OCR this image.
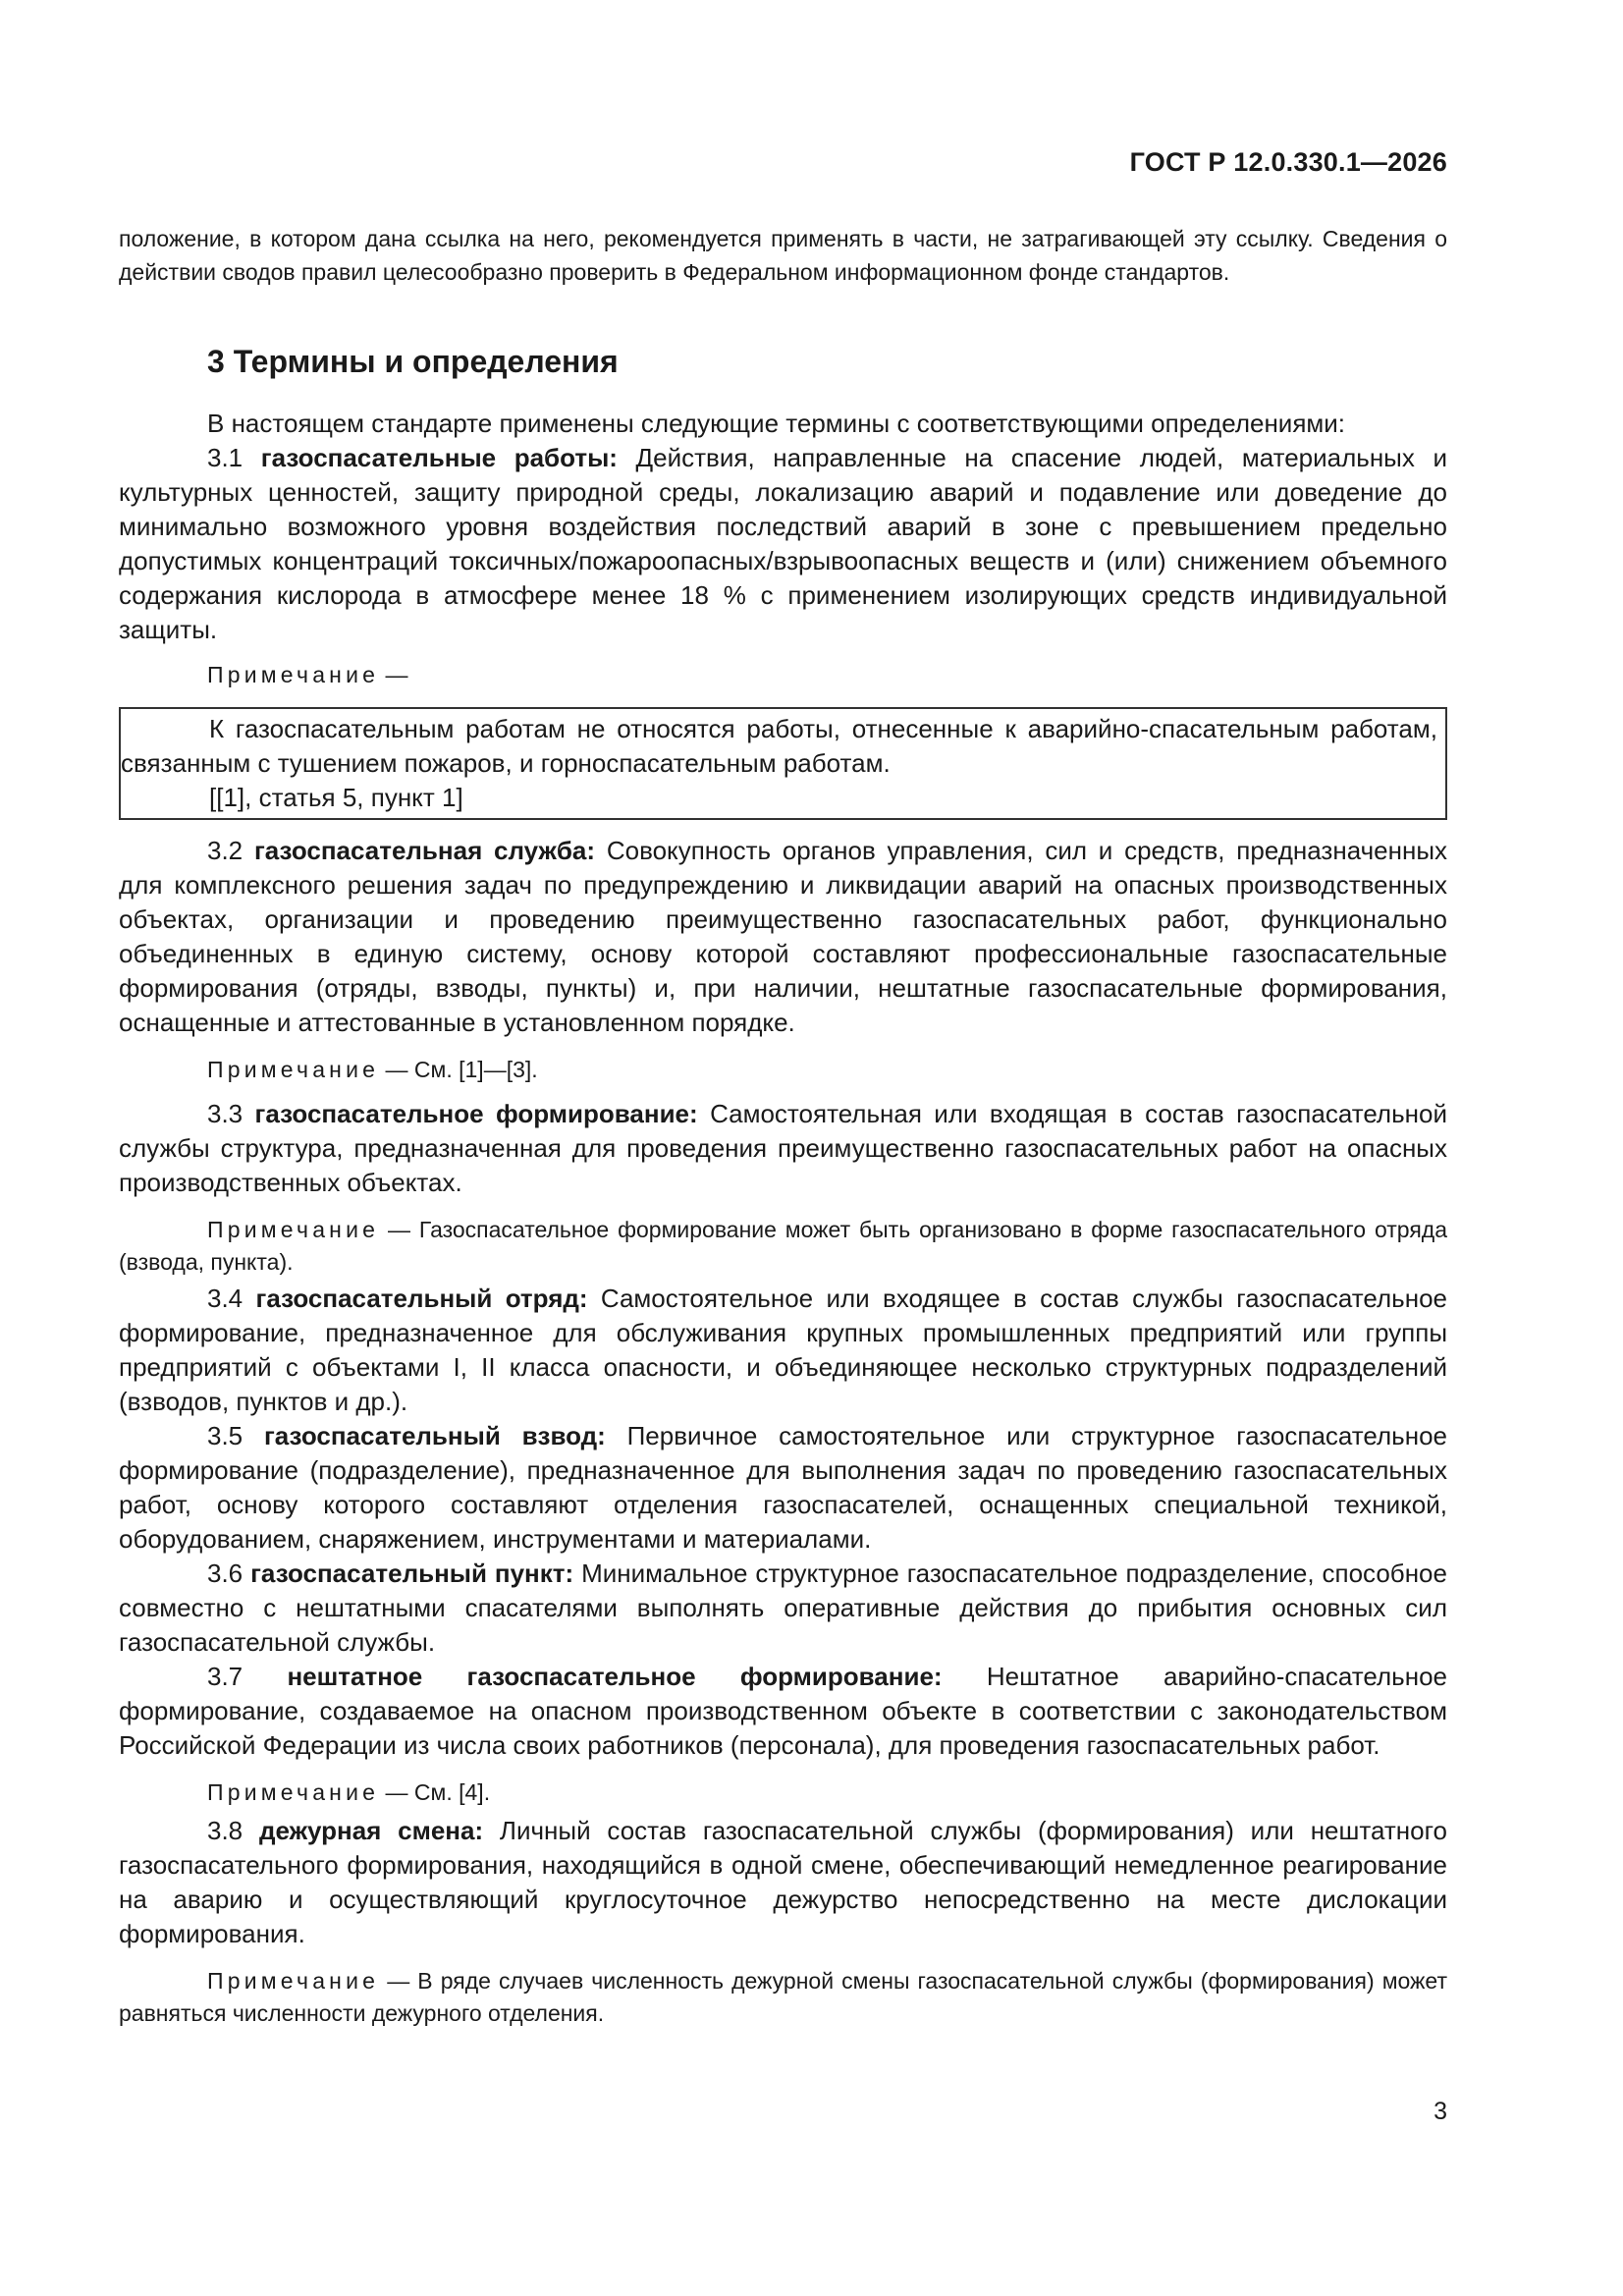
ГОСТ Р 12.0.330.1—2026

положение, в котором дана ссылка на него, рекомендуется применять в части, не затрагивающей эту ссылку. Сведения о действии сводов правил целесообразно проверить в Федеральном информационном фонде стандартов.

3 Термины и определения

В настоящем стандарте применены следующие термины с соответствующими определениями:

3.1 газоспасательные работы: Действия, направленные на спасение людей, материальных и культурных ценностей, защиту природной среды, локализацию аварий и подавление или доведение до минимально возможного уровня воздействия последствий аварий в зоне с превышением предельно допустимых концентраций токсичных/пожароопасных/взрывоопасных веществ и (или) снижением объемного содержания кислорода в атмосфере менее 18 % с применением изолирующих средств индивидуальной защиты.

Примечание —

К газоспасательным работам не относятся работы, отнесенные к аварийно-спасательным работам, связанным с тушением пожаров, и горноспасательным работам.

[[1], статья 5, пункт 1]

3.2 газоспасательная служба: Совокупность органов управления, сил и средств, предназначенных для комплексного решения задач по предупреждению и ликвидации аварий на опасных производственных объектах, организации и проведению преимущественно газоспасательных работ, функционально объединенных в единую систему, основу которой составляют профессиональные газоспасательные формирования (отряды, взводы, пункты) и, при наличии, нештатные газоспасательные формирования, оснащенные и аттестованные в установленном порядке.

Примечание — См. [1]—[3].

3.3 газоспасательное формирование: Самостоятельная или входящая в состав газоспасательной службы структура, предназначенная для проведения преимущественно газоспасательных работ на опасных производственных объектах.

Примечание — Газоспасательное формирование может быть организовано в форме газоспасательного отряда (взвода, пункта).

3.4 газоспасательный отряд: Самостоятельное или входящее в состав службы газоспасательное формирование, предназначенное для обслуживания крупных промышленных предприятий или группы предприятий с объектами I, II класса опасности, и объединяющее несколько структурных подразделений (взводов, пунктов и др.).

3.5 газоспасательный взвод: Первичное самостоятельное или структурное газоспасательное формирование (подразделение), предназначенное для выполнения задач по проведению газоспасательных работ, основу которого составляют отделения газоспасателей, оснащенных специальной техникой, оборудованием, снаряжением, инструментами и материалами.

3.6 газоспасательный пункт: Минимальное структурное газоспасательное подразделение, способное совместно с нештатными спасателями выполнять оперативные действия до прибытия основных сил газоспасательной службы.

3.7 нештатное газоспасательное формирование: Нештатное аварийно-спасательное формирование, создаваемое на опасном производственном объекте в соответствии с законодательством Российской Федерации из числа своих работников (персонала), для проведения газоспасательных работ.

Примечание — См. [4].

3.8 дежурная смена: Личный состав газоспасательной службы (формирования) или нештатного газоспасательного формирования, находящийся в одной смене, обеспечивающий немедленное реагирование на аварию и осуществляющий круглосуточное дежурство непосредственно на месте дислокации формирования.

Примечание — В ряде случаев численность дежурной смены газоспасательной службы (формирования) может равняться численности дежурного отделения.

3
